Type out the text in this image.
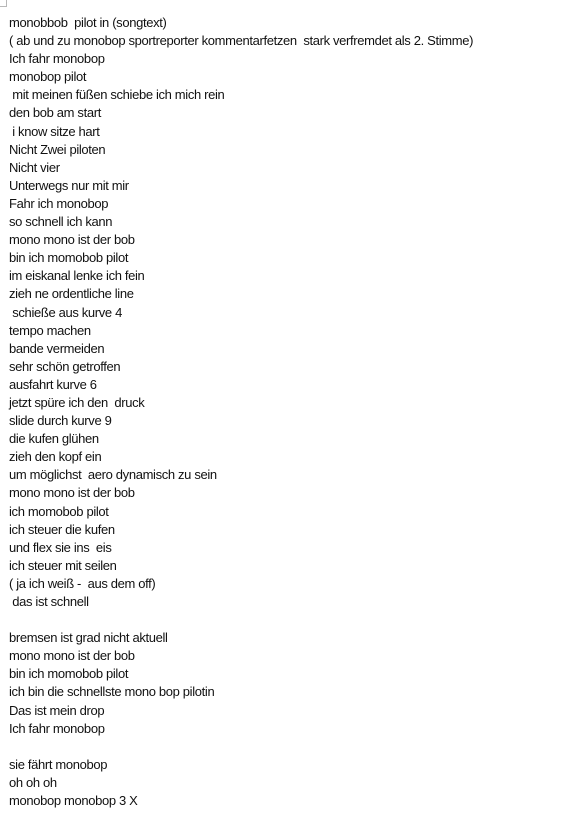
monobbob  pilot in (songtext)
( ab und zu monobop sportreporter kommentarfetzen  stark verfremdet als 2. Stimme)
Ich fahr monobop
monobop pilot
mit meinen füßen schiebe ich mich rein
den bob am start
i know sitze hart
Nicht Zwei piloten
Nicht vier
Unterwegs nur mit mir
Fahr ich monobop
so schnell ich kann
mono mono ist der bob
bin ich momobob pilot
im eiskanal lenke ich fein
zieh ne ordentliche line
schieße aus kurve 4
tempo machen
bande vermeiden
sehr schön getroffen
ausfahrt kurve 6
jetzt spüre ich den  druck
slide durch kurve 9
die kufen glühen
zieh den kopf ein
um möglichst  aero dynamisch zu sein
mono mono ist der bob
ich momobob pilot
ich steuer die kufen
und flex sie ins  eis
ich steuer mit seilen
( ja ich weiß -  aus dem off)
das ist schnell
bremsen ist grad nicht aktuell
mono mono ist der bob
bin ich momobob pilot
ich bin die schnellste mono bop pilotin
Das ist mein drop
Ich fahr monobop
sie fährt monobop
oh oh oh
monobop monobop 3 X
